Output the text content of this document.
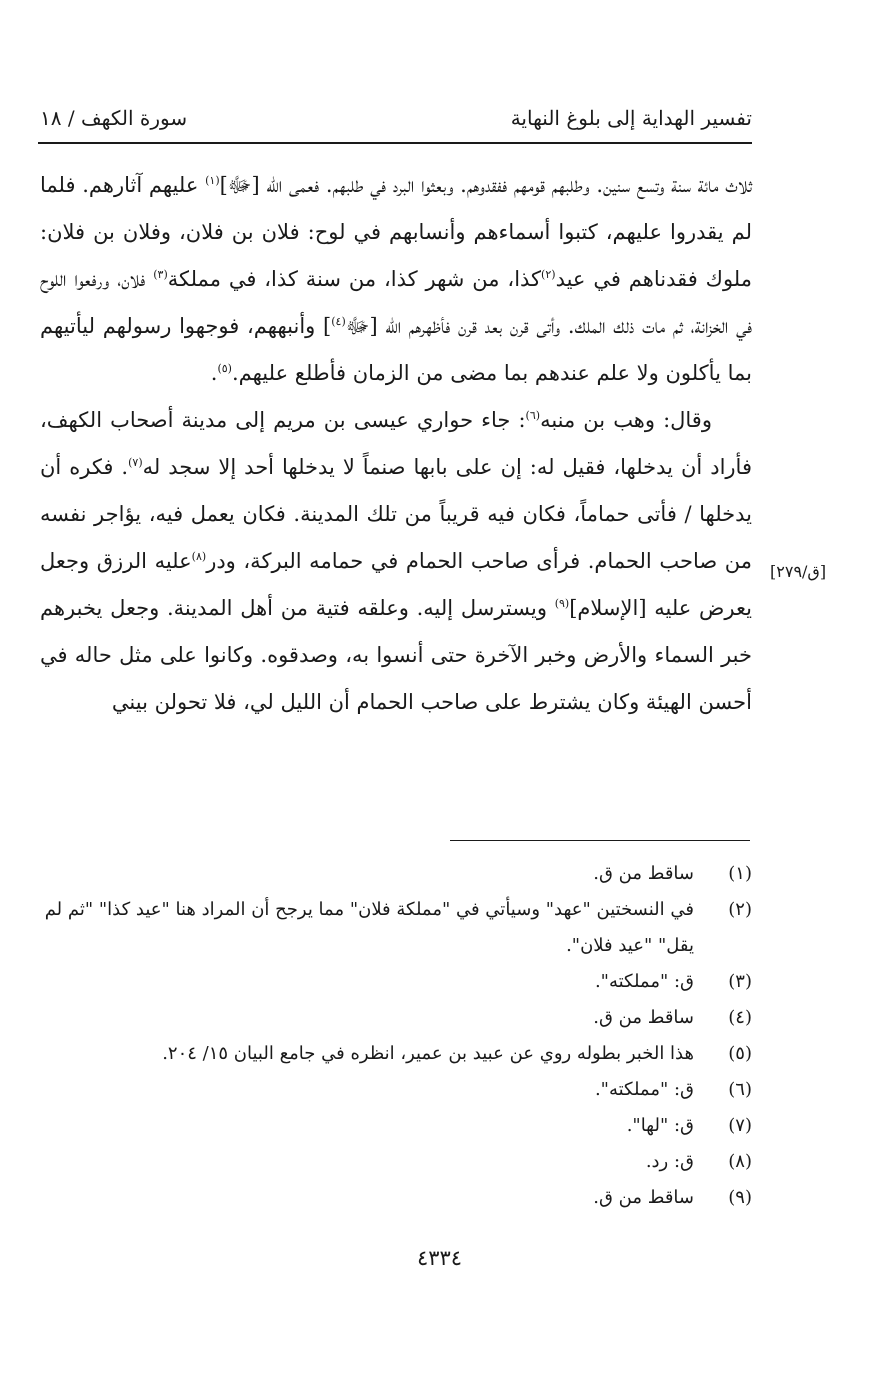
تفسير الهداية إلى بلوغ النهاية
سورة الكهف / ١٨

ثلاث مائة سنة وتسع سنين. وطلبهم قومهم ففقدوهم. وبعثوا البرد في طلبهم. فعمى الله [ﷻ]$^{(١)}$ عليهم آثارهم. فلما لم يقدروا عليهم، كتبوا أسماءهم وأنسابهم في لوح: فلان بن فلان، وفلان بن فلان: ملوك فقدناهم في عيد$^{(٢)}$كذا، من شهر كذا، من سنة كذا، في مملكة$^{(٣)}$ فلان، ورفعوا اللوح في الخزانة، ثم مات ذلك الملك. وأتى قرن بعد قرن فأظهرهم الله [ﷻ$^{(٤)}$] وأنبههم، فوجهوا رسولهم ليأتيهم بما يأكلون ولا علم عندهم بما مضى من الزمان فأطلع عليهم.$^{(٥)}$.

وقال: وهب بن منبه$^{(٦)}$: جاء حواري عيسى بن مريم إلى مدينة أصحاب الكهف، فأراد أن يدخلها، فقيل له: إن على بابها صنماً لا يدخلها أحد إلا سجد له$^{(٧)}$. فكره أن يدخلها / فأتى حماماً، فكان فيه قريباً من تلك المدينة. فكان يعمل فيه، يؤاجر نفسه من صاحب الحمام. فرأى صاحب الحمام في حمامه البركة، ودر$^{(٨)}$عليه الرزق وجعل يعرض عليه [الإسلام]$^{(٩)}$ ويسترسل إليه. وعلقه فتية من أهل المدينة. وجعل يخبرهم خبر السماء والأرض وخبر الآخرة حتى أنسوا به، وصدقوه. وكانوا على مثل حاله في أحسن الهيئة وكان يشترط على صاحب الحمام أن الليل لي، فلا تحولن بيني

[ق/٢٧٩]
(١)
ساقط من ق.
(٢)
في النسختين "عهد" وسيأتي في "مملكة فلان" مما يرجح أن المراد هنا "عيد كذا" "ثم لم يقل" "عيد فلان".
(٣)
ق: "مملكته".
(٤)
ساقط من ق.
(٥)
هذا الخبر بطوله روي عن عبيد بن عمير، انظره في جامع البيان ١٥/ ٢٠٤.
(٦)
ق: "مملكته".
(٧)
ق: "لها".
(٨)
ق: رد.
(٩)
ساقط من ق.
٤٣٣٤
